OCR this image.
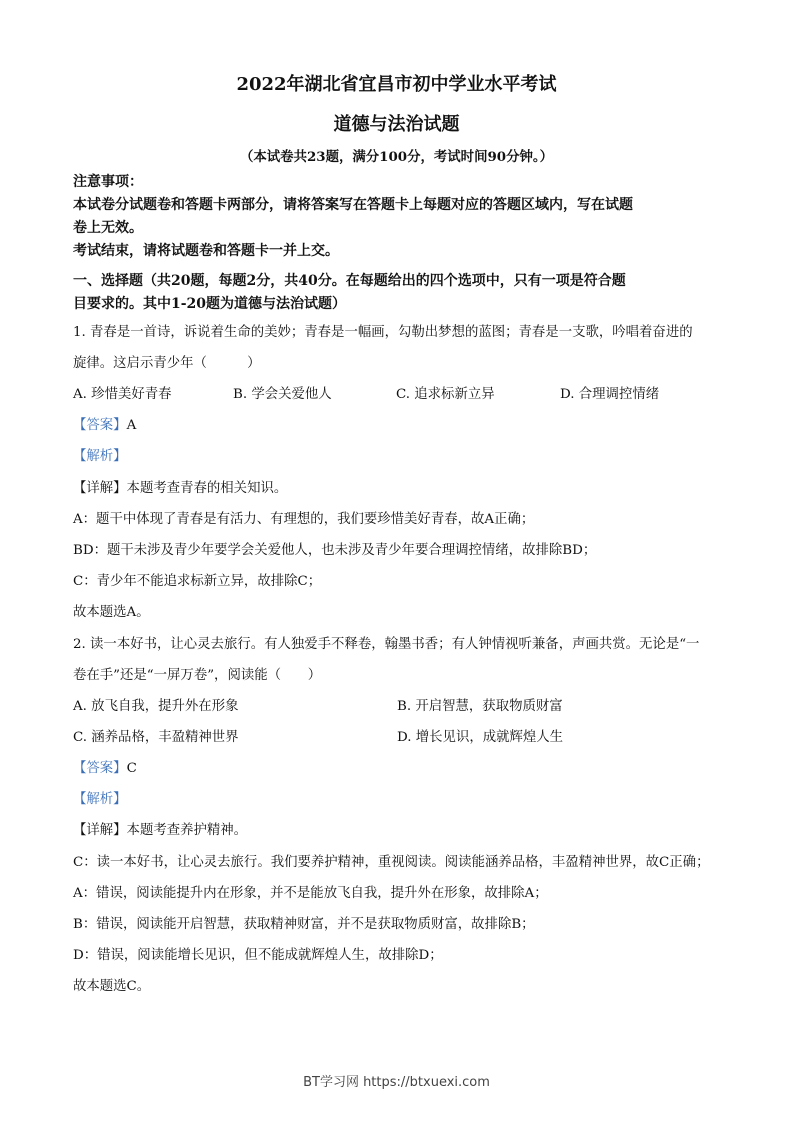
2022年湖北省宜昌市初中学业水平考试
道德与法治试题
（本试卷共23题，满分100分，考试时间90分钟。）
注意事项：
本试卷分试题卷和答题卡两部分，请将答案写在答题卡上每题对应的答题区域内，写在试题
卷上无效。
考试结束，请将试题卷和答题卡一并上交。
一、选择题（共20题，每题2分，共40分。在每题给出的四个选项中，只有一项是符合题
目要求的。其中1-20题为道德与法治试题）
1. 青春是一首诗，诉说着生命的美妙；青春是一幅画，勾勒出梦想的蓝图；青春是一支歌，吟唱着奋进的
旋律。这启示青少年（　　　）
A. 珍惜美好青春	B. 学会关爱他人	C. 追求标新立异	D. 合理调控情绪
【答案】A
【解析】
【详解】本题考查青春的相关知识。
A：题干中体现了青春是有活力、有理想的，我们要珍惜美好青春，故A正确；
BD：题干未涉及青少年要学会关爱他人，也未涉及青少年要合理调控情绪，故排除BD；
C：青少年不能追求标新立异，故排除C；
故本题选A。
2. 读一本好书，让心灵去旅行。有人独爱手不释卷，翰墨书香；有人钟情视听兼备，声画共赏。无论是“一
卷在手”还是“一屏万卷”，阅读能（　　）
A. 放飞自我，提升外在形象	B. 开启智慧，获取物质财富
C. 涵养品格，丰盈精神世界	D. 增长见识，成就辉煌人生
【答案】C
【解析】
【详解】本题考查养护精神。
C：读一本好书，让心灵去旅行。我们要养护精神，重视阅读。阅读能涵养品格，丰盈精神世界，故C正确；
A：错误，阅读能提升内在形象，并不是能放飞自我，提升外在形象，故排除A；
B：错误，阅读能开启智慧，获取精神财富，并不是获取物质财富，故排除B；
D：错误，阅读能增长见识，但不能成就辉煌人生，故排除D；
故本题选C。
BT学习网 https://btxuexi.com
